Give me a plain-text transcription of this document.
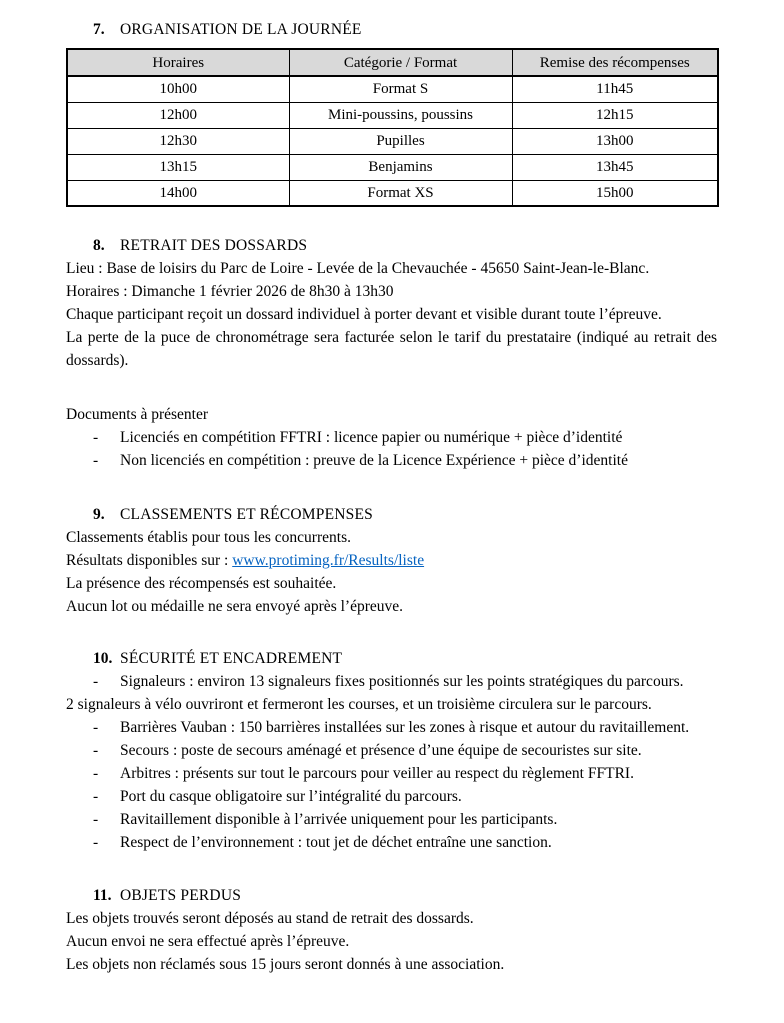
7. ORGANISATION DE LA JOURNÉE
Horaires	Catégorie / Format	Remise des récompenses
10h00	Format S	11h45
12h00	Mini-poussins, poussins	12h15
12h30	Pupilles	13h00
13h15	Benjamins	13h45
14h00	Format XS	15h00
8. RETRAIT DES DOSSARDS

Lieu : Base de loisirs du Parc de Loire - Levée de la Chevauchée - 45650 Saint-Jean-le-Blanc.

Horaires : Dimanche 1 février 2026 de 8h30 à 13h30

Chaque participant reçoit un dossard individuel à porter devant et visible durant toute l’épreuve.

La perte de la puce de chronométrage sera facturée selon le tarif du prestataire (indiqué au retrait des dossards).

Documents à présenter

- Licenciés en compétition FFTRI : licence papier ou numérique + pièce d’identité

- Non licenciés en compétition : preuve de la Licence Expérience + pièce d’identité

9. CLASSEMENTS ET RÉCOMPENSES

Classements établis pour tous les concurrents.

Résultats disponibles sur : www.protiming.fr/Results/liste

La présence des récompensés est souhaitée.

Aucun lot ou médaille ne sera envoyé après l’épreuve.

10. SÉCURITÉ ET ENCADREMENT

- Signaleurs : environ 13 signaleurs fixes positionnés sur les points stratégiques du parcours.

2 signaleurs à vélo ouvriront et fermeront les courses, et un troisième circulera sur le parcours.

- Barrières Vauban : 150 barrières installées sur les zones à risque et autour du ravitaillement.

- Secours : poste de secours aménagé et présence d’une équipe de secouristes sur site.

- Arbitres : présents sur tout le parcours pour veiller au respect du règlement FFTRI.

- Port du casque obligatoire sur l’intégralité du parcours.

- Ravitaillement disponible à l’arrivée uniquement pour les participants.

- Respect de l’environnement : tout jet de déchet entraîne une sanction.

11. OBJETS PERDUS

Les objets trouvés seront déposés au stand de retrait des dossards.

Aucun envoi ne sera effectué après l’épreuve.

Les objets non réclamés sous 15 jours seront donnés à une association.
